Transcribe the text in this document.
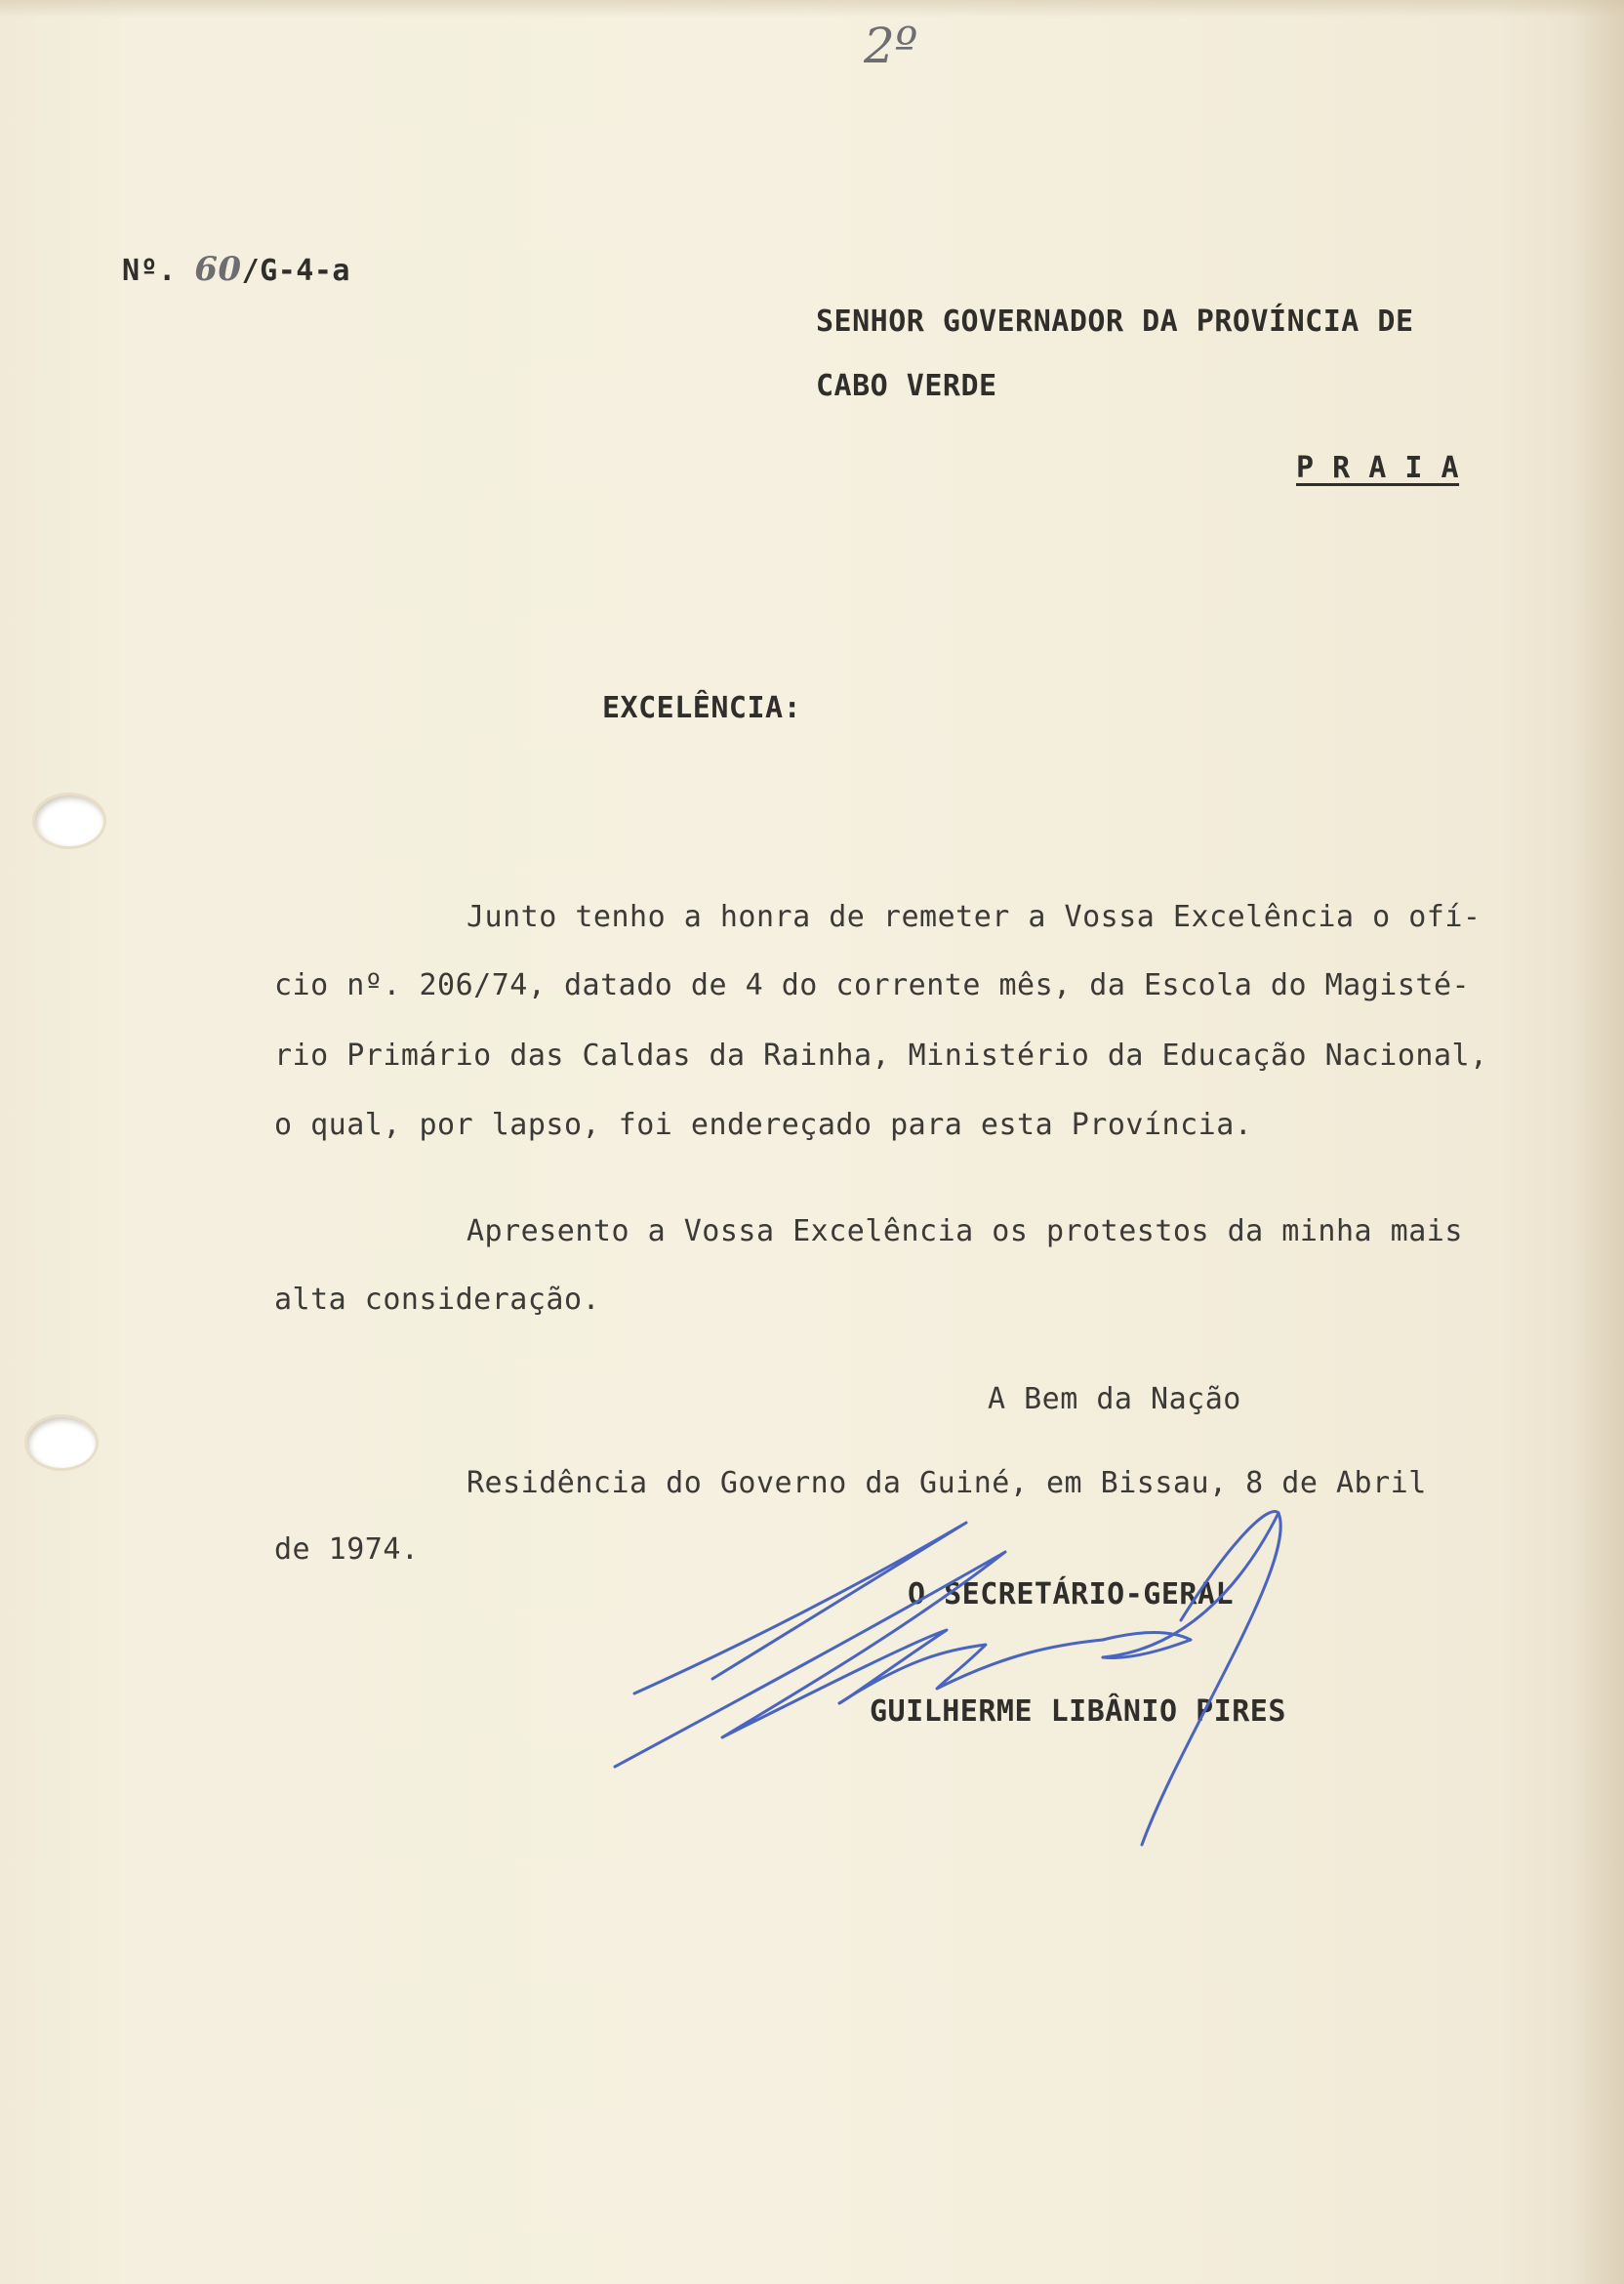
2º
Nº. 60/G-4-a
SENHOR GOVERNADOR DA PROVÍNCIA DE
CABO VERDE
P R A I A
EXCELÊNCIA:
Junto tenho a honra de remeter a Vossa Excelência o ofí-
cio nº. 206/74, datado de 4 do corrente mês, da Escola do Magisté-
rio Primário das Caldas da Rainha, Ministério da Educação Nacional,
o qual, por lapso, foi endereçado para esta Província.
Apresento a Vossa Excelência os protestos da minha mais
alta consideração.
A Bem da Nação
Residência do Governo da Guiné, em Bissau, 8 de Abril
de 1974.
O SECRETÁRIO-GERAL
GUILHERME LIBÂNIO PIRES
